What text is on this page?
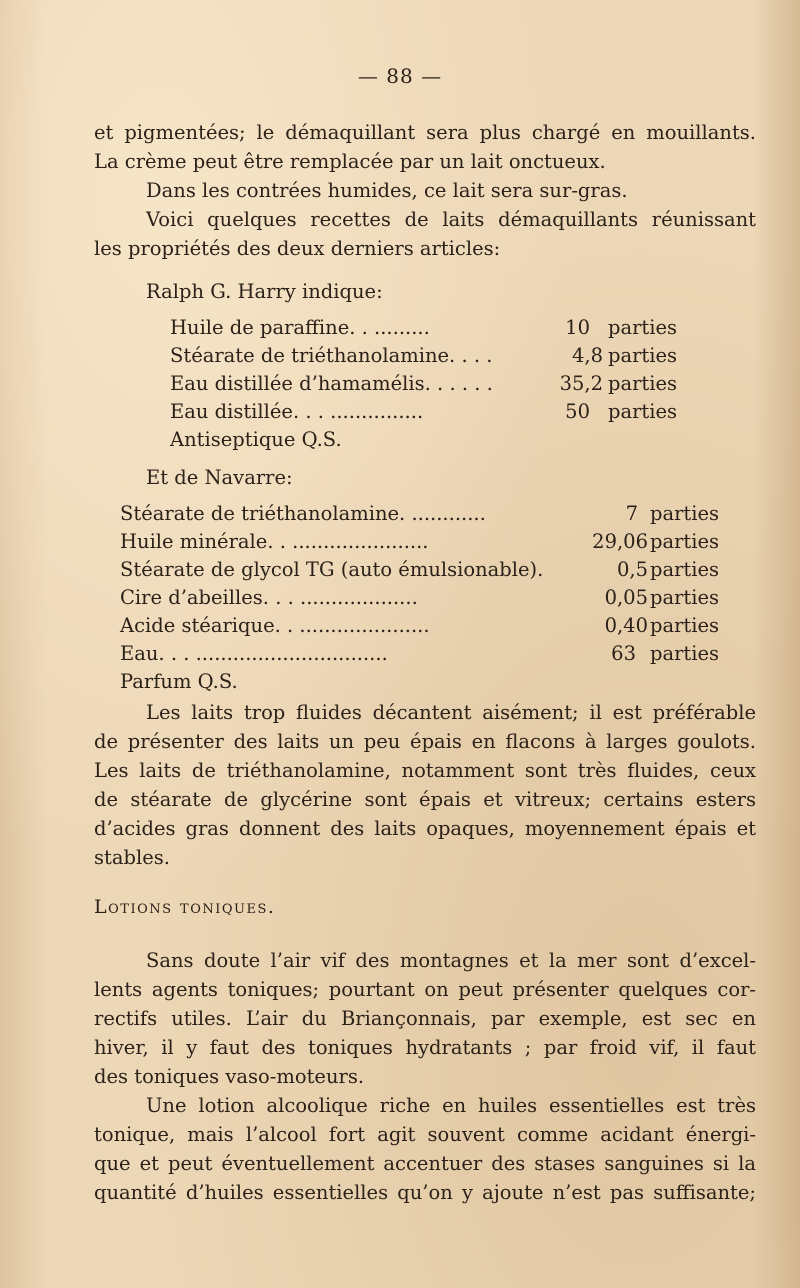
— 88 —

et pigmentées; le démaquillant sera plus chargé en mouillants.

La crème peut être remplacée par un lait onctueux.

Dans les contrées humides, ce lait sera sur-gras.

Voici quelques recettes de laits démaquillants réunissant

les propriétés des deux derniers articles:

Ralph G. Harry indique:
Huile de paraffine. . .........	10 parties
Stéarate de triéthanolamine. . . .	4,8 parties
Eau distillée d’hamamélis. . . . . .	35,2 parties
Eau distillée. . . ...............	50 parties
Antiseptique Q.S.
Et de Navarre:
Stéarate de triéthanolamine. ............	7 parties
Huile minérale. . ......................	29,06 parties
Stéarate de glycol TG (auto émulsionable).	0,5 parties
Cire d’abeilles. . . ...................	0,05 parties
Acide stéarique. . .....................	0,40 parties
Eau. . . ...............................	63 parties
Parfum Q.S.

Les laits trop fluides décantent aisément; il est préférable

de présenter des laits un peu épais en flacons à larges goulots.

Les laits de triéthanolamine, notamment sont très fluides, ceux

de stéarate de glycérine sont épais et vitreux; certains esters

d’acides gras donnent des laits opaques, moyennement épais et

stables.

Lotions toniques.

Sans doute l’air vif des montagnes et la mer sont d’excel-

lents agents toniques; pourtant on peut présenter quelques cor-

rectifs utiles. L’air du Briançonnais, par exemple, est sec en

hiver, il y faut des toniques hydratants ; par froid vif, il faut

des toniques vaso-moteurs.

Une lotion alcoolique riche en huiles essentielles est très

tonique, mais l’alcool fort agit souvent comme acidant énergi-

que et peut éventuellement accentuer des stases sanguines si la

quantité d’huiles essentielles qu’on y ajoute n’est pas suffisante;
